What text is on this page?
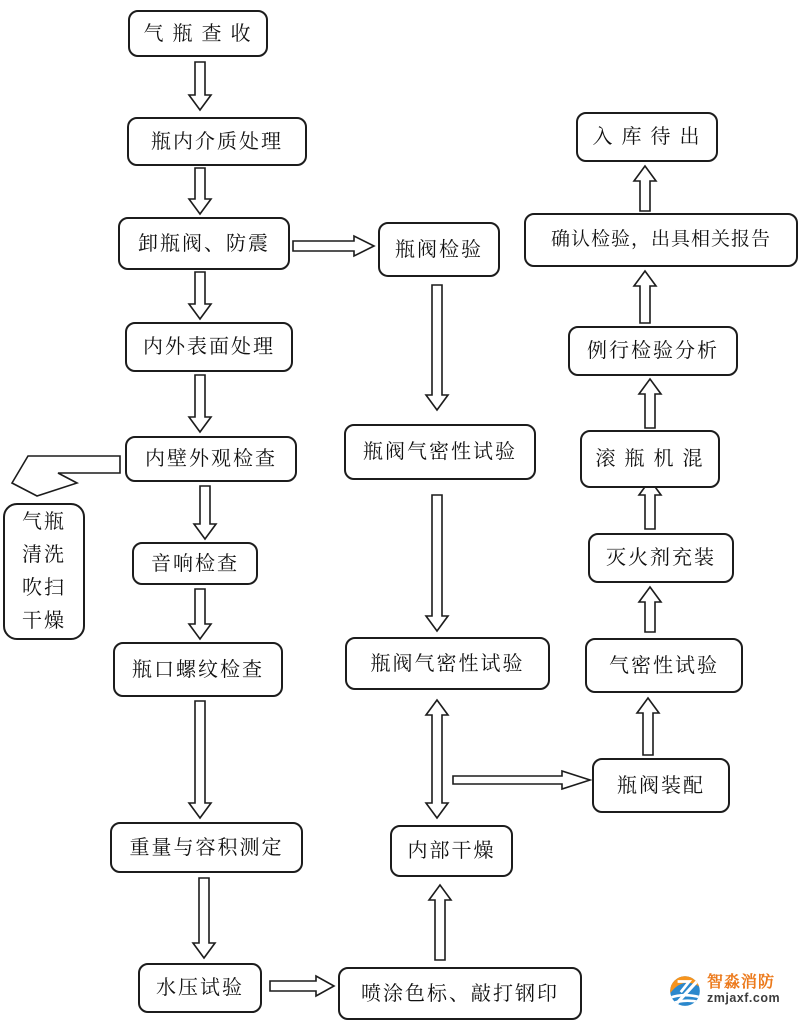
气 瓶 查 收
瓶内介质处理
卸瓶阀、防震
内外表面处理
内壁外观检查
气瓶
清洗
吹扫
干燥
音响检查
瓶口螺纹检查
重量与容积测定
水压试验
瓶阀检验
瓶阀气密性试验
瓶阀气密性试验
内部干燥
喷涂色标、敲打钢印
入 库 待 出
确认检验，出具相关报告
例行检验分析
滚 瓶 机 混
灭火剂充装
气密性试验
瓶阀装配
智淼消防
zmjaxf.com
